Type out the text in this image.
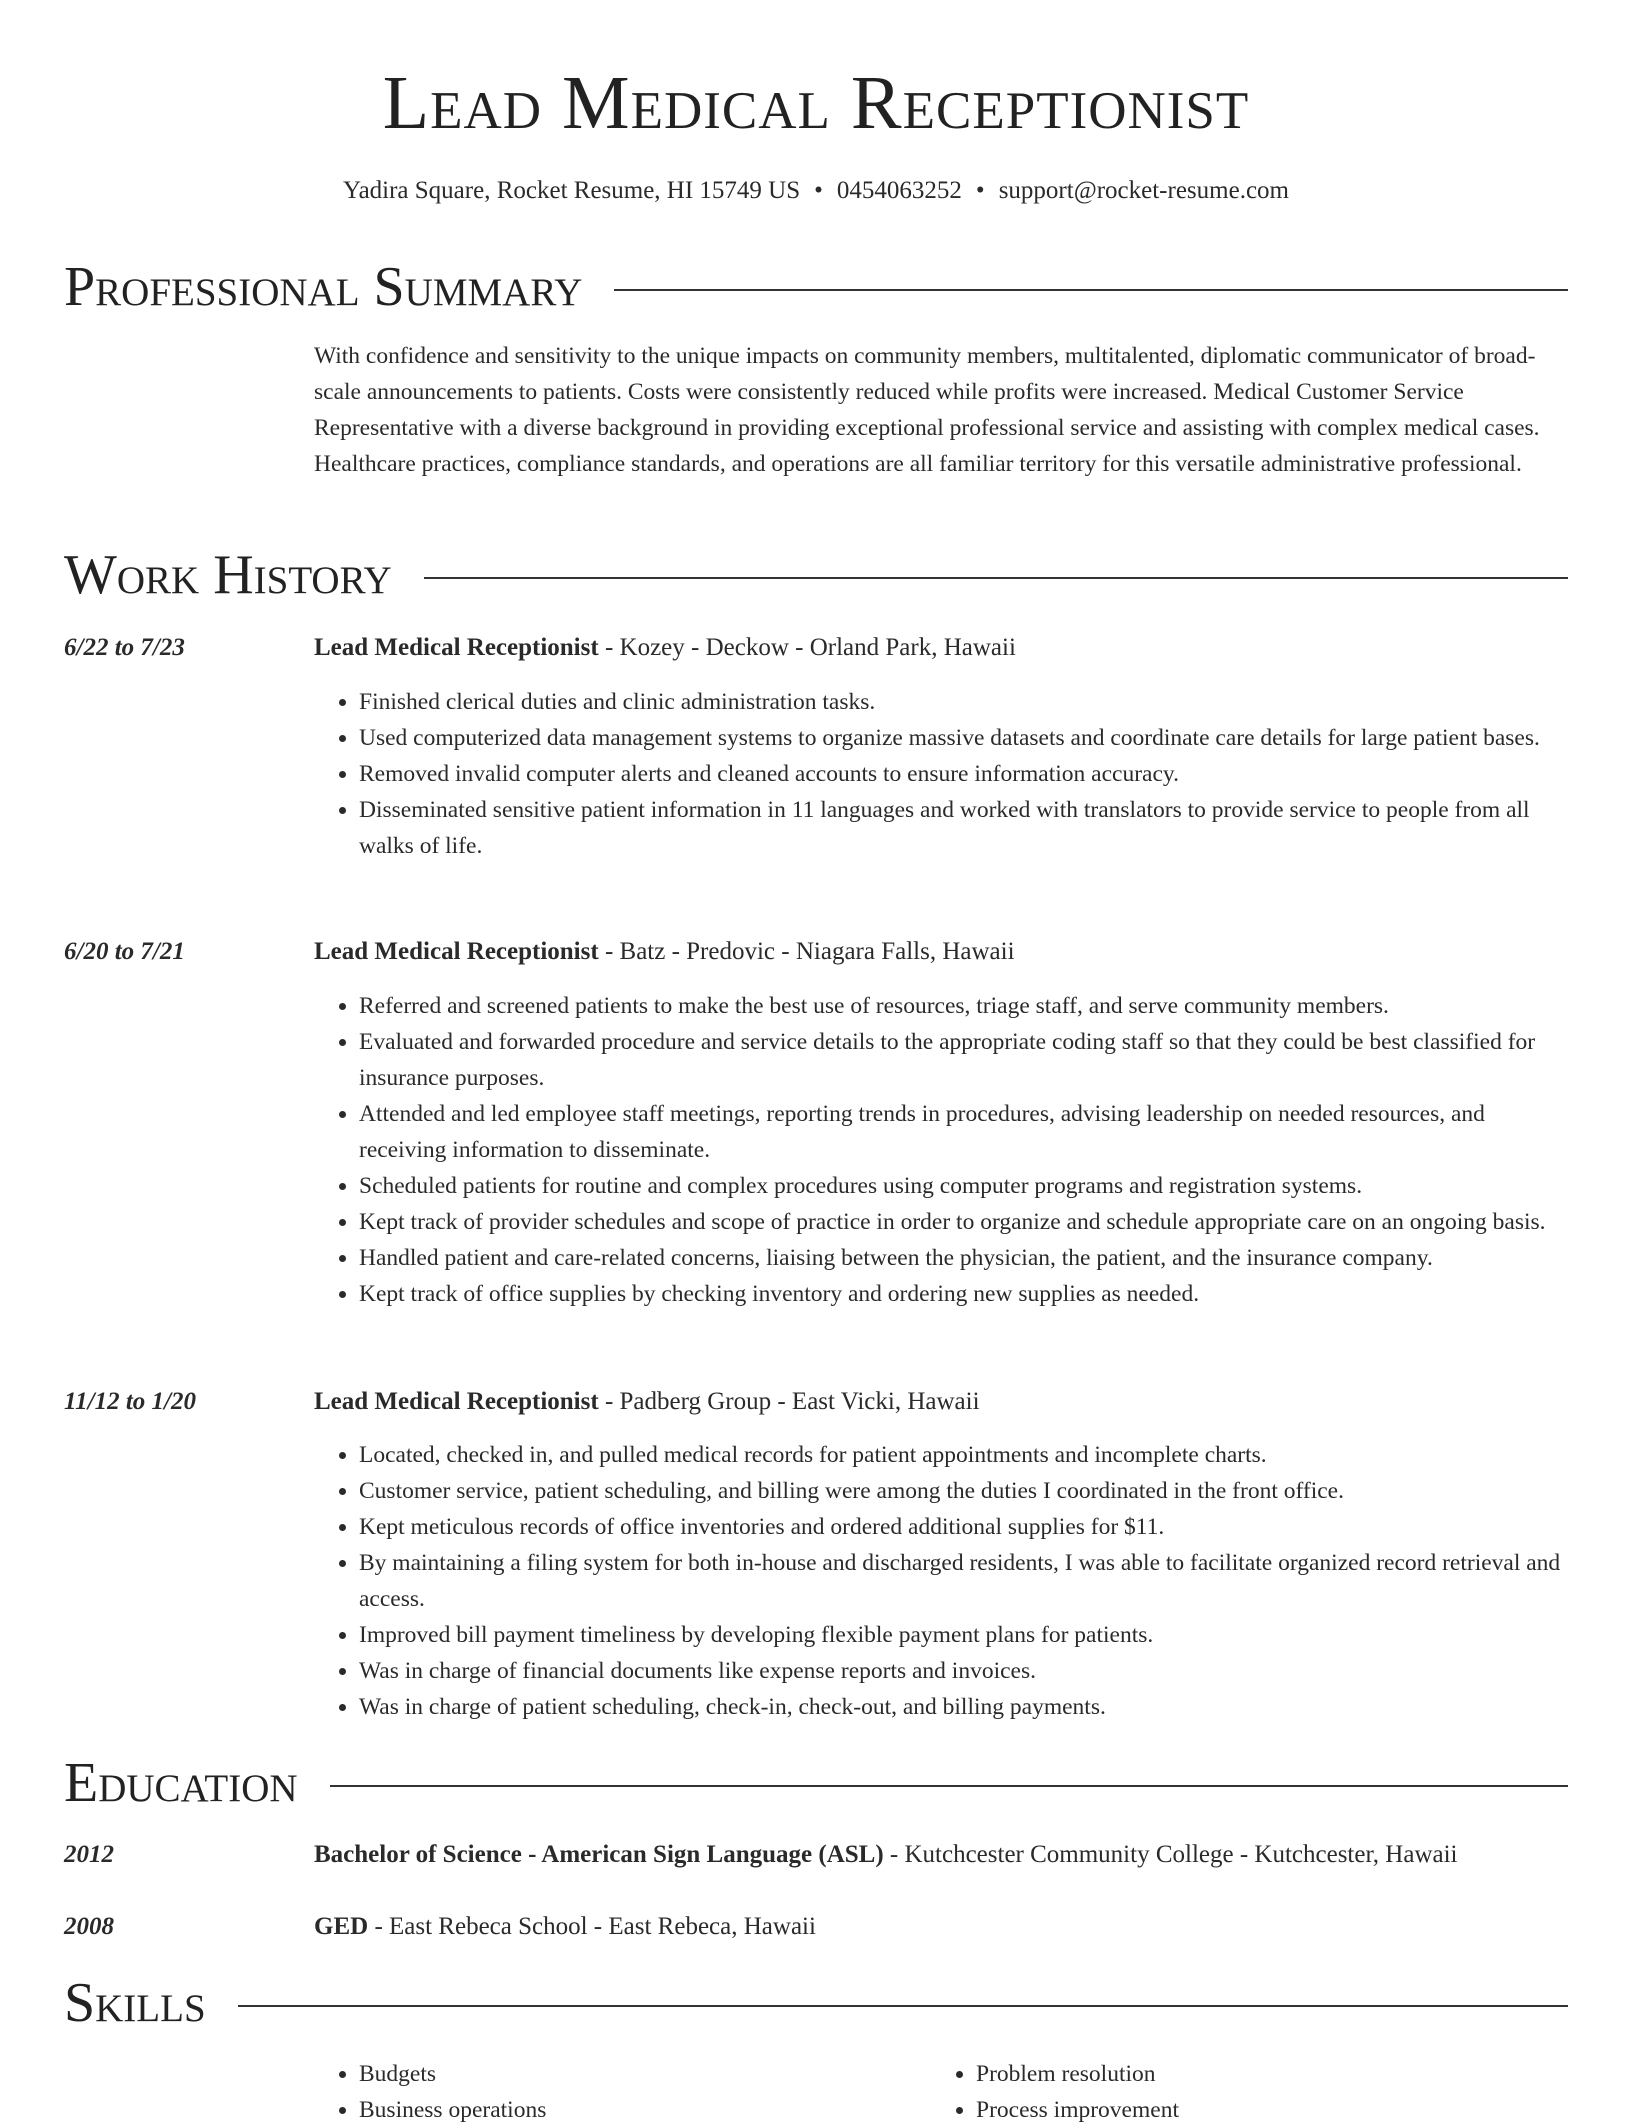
Lead Medical Receptionist
Yadira Square, Rocket Resume, HI 15749 US • 0454063252 • support@rocket-resume.com
Professional Summary
With confidence and sensitivity to the unique impacts on community members, multitalented, diplomatic communicator of broad-scale announcements to patients. Costs were consistently reduced while profits were increased. Medical Customer Service Representative with a diverse background in providing exceptional professional service and assisting with complex medical cases. Healthcare practices, compliance standards, and operations are all familiar territory for this versatile administrative professional.
Work History
6/22 to 7/23	Lead Medical Receptionist - Kozey - Deckow - Orland Park, Hawaii
• Finished clerical duties and clinic administration tasks.
• Used computerized data management systems to organize massive datasets and coordinate care details for large patient bases.
• Removed invalid computer alerts and cleaned accounts to ensure information accuracy.
• Disseminated sensitive patient information in 11 languages and worked with translators to provide service to people from all walks of life.
6/20 to 7/21	Lead Medical Receptionist - Batz - Predovic - Niagara Falls, Hawaii
• Referred and screened patients to make the best use of resources, triage staff, and serve community members.
• Evaluated and forwarded procedure and service details to the appropriate coding staff so that they could be best classified for insurance purposes.
• Attended and led employee staff meetings, reporting trends in procedures, advising leadership on needed resources, and receiving information to disseminate.
• Scheduled patients for routine and complex procedures using computer programs and registration systems.
• Kept track of provider schedules and scope of practice in order to organize and schedule appropriate care on an ongoing basis.
• Handled patient and care-related concerns, liaising between the physician, the patient, and the insurance company.
• Kept track of office supplies by checking inventory and ordering new supplies as needed.
11/12 to 1/20	Lead Medical Receptionist - Padberg Group - East Vicki, Hawaii
• Located, checked in, and pulled medical records for patient appointments and incomplete charts.
• Customer service, patient scheduling, and billing were among the duties I coordinated in the front office.
• Kept meticulous records of office inventories and ordered additional supplies for $11.
• By maintaining a filing system for both in-house and discharged residents, I was able to facilitate organized record retrieval and access.
• Improved bill payment timeliness by developing flexible payment plans for patients.
• Was in charge of financial documents like expense reports and invoices.
• Was in charge of patient scheduling, check-in, check-out, and billing payments.
Education
2012	Bachelor of Science - American Sign Language (ASL) - Kutchcester Community College - Kutchcester, Hawaii
2008	GED - East Rebeca School - East Rebeca, Hawaii
Skills
• Budgets
• Business operations
• Problem resolution
• Process improvement
